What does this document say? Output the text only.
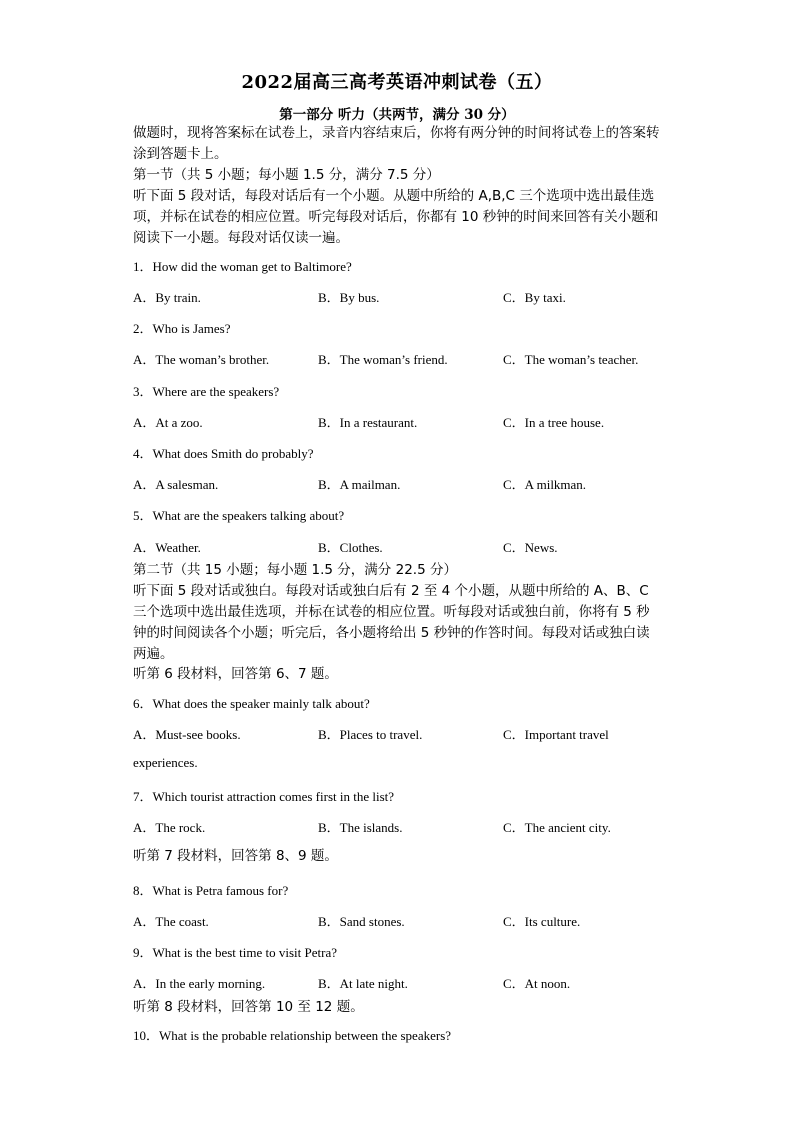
2022届高三高考英语冲刺试卷（五）
第一部分 听力（共两节，满分 30 分）
做题时，现将答案标在试卷上，录音内容结束后，你将有两分钟的时间将试卷上的答案转涂到答题卡上。
第一节（共 5 小题；每小题 1.5 分，满分 7.5 分）
听下面 5 段对话，每段对话后有一个小题。从题中所给的 A,B,C 三个选项中选出最佳选项，并标在试卷的相应位置。听完每段对话后，你都有 10 秒钟的时间来回答有关小题和阅读下一小题。每段对话仅读一遍。
1．How did the woman get to Baltimore?
A．By train.	B．By bus.	C．By taxi.
2．Who is James?
A．The woman’s brother.	B．The woman’s friend.	C．The woman’s teacher.
3．Where are the speakers?
A．At a zoo.	B．In a restaurant.	C．In a tree house.
4．What does Smith do probably?
A．A salesman.	B．A mailman.	C．A milkman.
5．What are the speakers talking about?
A．Weather.	B．Clothes.	C．News.
第二节（共 15 小题；每小题 1.5 分，满分 22.5 分）
听下面 5 段对话或独白。每段对话或独白后有 2 至 4 个小题，从题中所给的 A、B、C 三个选项中选出最佳选项，并标在试卷的相应位置。听每段对话或独白前，你将有 5 秒钟的时间阅读各个小题；听完后，各小题将给出 5 秒钟的作答时间。每段对话或独白读两遍。
听第 6 段材料，回答第 6、7 题。
6．What does the speaker mainly talk about?
A．Must-see books.	B．Places to travel.	C．Important travel
experiences.
7．Which tourist attraction comes first in the list?
A．The rock.	B．The islands.	C．The ancient city.
听第 7 段材料，回答第 8、9 题。
8．What is Petra famous for?
A．The coast.	B．Sand stones.	C．Its culture.
9．What is the best time to visit Petra?
A．In the early morning.	B．At late night.	C．At noon.
听第 8 段材料，回答第 10 至 12 题。
10．What is the probable relationship between the speakers?
